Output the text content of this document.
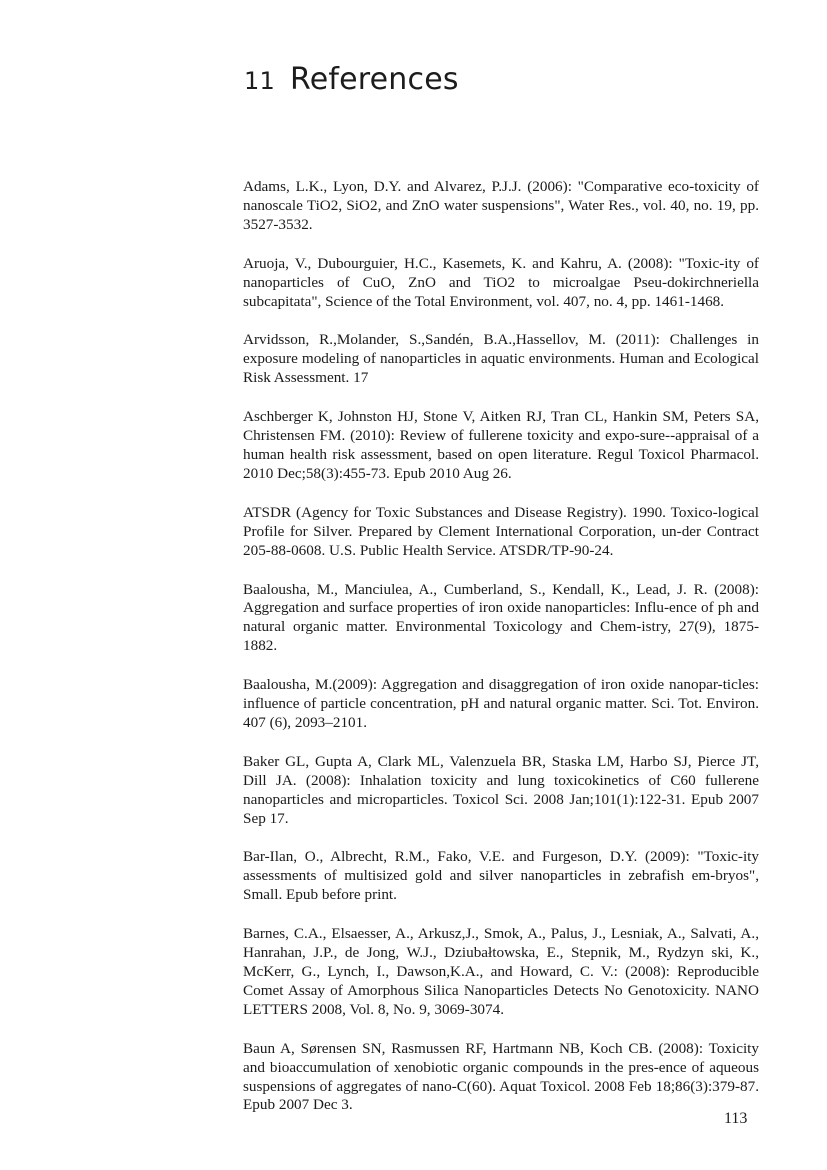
11 References
Adams, L.K., Lyon, D.Y. and Alvarez, P.J.J. (2006): "Comparative eco-toxicity of nanoscale TiO2, SiO2, and ZnO water suspensions", Water Res., vol. 40, no. 19, pp. 3527-3532.
Aruoja, V., Dubourguier, H.C., Kasemets, K. and Kahru, A. (2008): "Toxic-ity of nanoparticles of CuO, ZnO and TiO2 to microalgae Pseu-dokirchneriella subcapitata", Science of the Total Environment, vol. 407, no. 4, pp. 1461-1468.
Arvidsson, R.,Molander, S.,Sandén, B.A.,Hassellov, M. (2011): Challenges in exposure modeling of nanoparticles in aquatic environments. Human and Ecological Risk Assessment. 17
Aschberger K, Johnston HJ, Stone V, Aitken RJ, Tran CL, Hankin SM, Peters SA, Christensen FM. (2010): Review of fullerene toxicity and expo-sure--appraisal of a human health risk assessment, based on open literature. Regul Toxicol Pharmacol. 2010 Dec;58(3):455-73. Epub 2010 Aug 26.
ATSDR (Agency for Toxic Substances and Disease Registry). 1990. Toxico-logical Profile for Silver. Prepared by Clement International Corporation, un-der Contract 205-88-0608. U.S. Public Health Service. ATSDR/TP-90-24.
Baalousha, M., Manciulea, A., Cumberland, S., Kendall, K., Lead, J. R. (2008): Aggregation and surface properties of iron oxide nanoparticles: Influ-ence of ph and natural organic matter. Environmental Toxicology and Chem-istry, 27(9), 1875-1882.
Baalousha, M.(2009): Aggregation and disaggregation of iron oxide nanopar-ticles: influence of particle concentration, pH and natural organic matter. Sci. Tot. Environ. 407 (6), 2093–2101.
Baker GL, Gupta A, Clark ML, Valenzuela BR, Staska LM, Harbo SJ, Pierce JT, Dill JA. (2008): Inhalation toxicity and lung toxicokinetics of C60 fullerene nanoparticles and microparticles. Toxicol Sci. 2008 Jan;101(1):122-31. Epub 2007 Sep 17.
Bar-Ilan, O., Albrecht, R.M., Fako, V.E. and Furgeson, D.Y. (2009): "Toxic-ity assessments of multisized gold and silver nanoparticles in zebrafish em-bryos", Small. Epub before print.
Barnes, C.A., Elsaesser, A., Arkusz,J., Smok, A., Palus, J., Lesniak, A., Salvati, A., Hanrahan, J.P., de Jong, W.J., Dziubałtowska, E., Stepnik, M., Rydzyn ski, K., McKerr, G., Lynch, I., Dawson,K.A., and Howard, C. V.: (2008): Reproducible Comet Assay of Amorphous Silica Nanoparticles Detects No Genotoxicity. NANO LETTERS 2008, Vol. 8, No. 9, 3069-3074.
Baun A, Sørensen SN, Rasmussen RF, Hartmann NB, Koch CB. (2008): Toxicity and bioaccumulation of xenobiotic organic compounds in the pres-ence of aqueous suspensions of aggregates of nano-C(60). Aquat Toxicol. 2008 Feb 18;86(3):379-87. Epub 2007 Dec 3.
113
